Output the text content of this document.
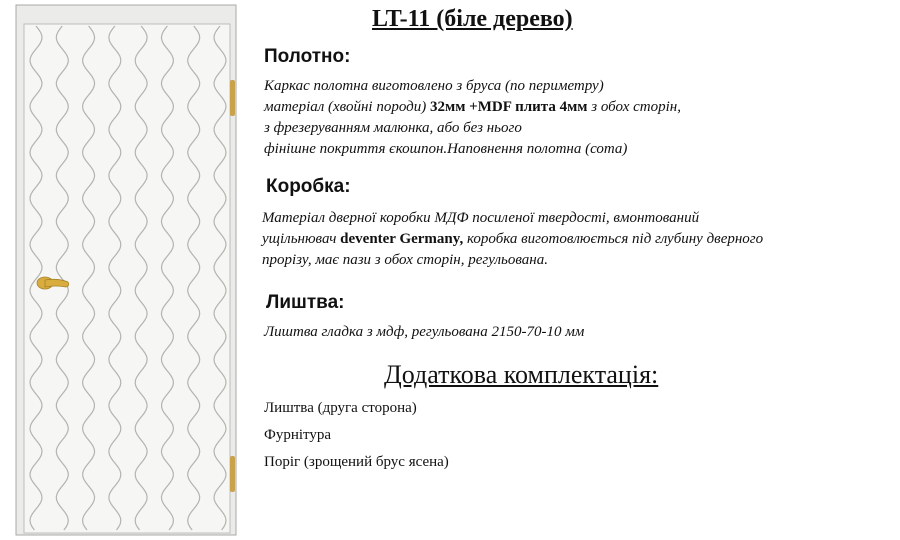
LT-11 (біле дерево)
Полотно:
Каркас полотна виготовлено з бруса (по периметру)
матеріал (хвойні породи) 32мм +MDF плита 4мм з обох сторін,
з фрезеруванням малюнка, або без нього
фінішне покриття єкошпон.Наповнення полотна (сота)
Коробка:
Матеріал дверної коробки МДФ посиленої твердості, вмонтований
ущільнювач deventer Germany, коробка виготовлюється під глубину дверного
прорізу, має пази з обох сторін, регульована.
Лиштва:
Лиштва гладка з мдф, регульована 2150-70-10 мм
Додаткова комплектація:
Лиштва (друга сторона)
Фурнітура
Поріг (зрощений брус ясена)
